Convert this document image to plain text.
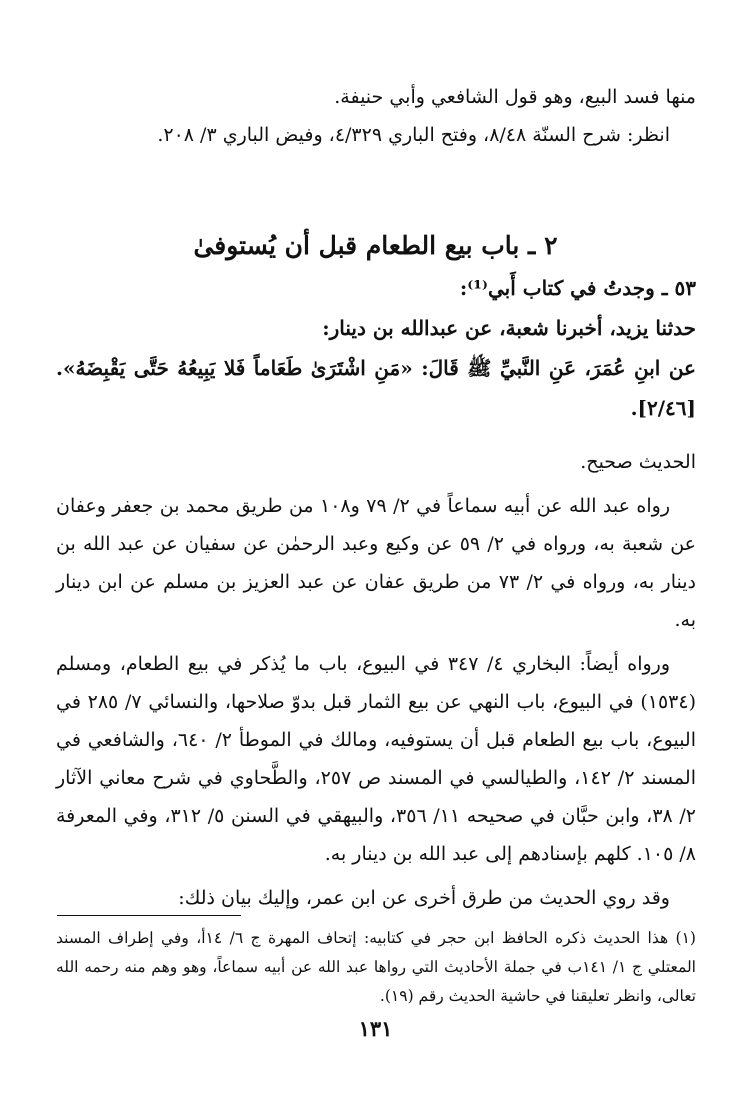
منها فسد البيع، وهو قول الشافعي وأبي حنيفة.

انظر: شرح السنّة ٨/٤٨، وفتح الباري ٤/٣٢٩، وفيض الباري ٣/ ٢٠٨.

٢ ـ باب بيع الطعام قبل أن يُستوفىٰ

٥٣ ـ وجدتُ في كتاب أَبي⁽¹⁾:

حدثنا يزيد، أخبرنا شعبة، عن عبدالله بن دينار:

عن ابنِ عُمَرَ، عَنِ النَّبيِّ ﷺ قَالَ: «مَنِ اشْتَرَىٰ طَعَاماً فَلا يَبِيعُهُ حَتَّى يَقْبِضَهُ». [٢/٤٦].

الحديث صحيح.

رواه عبد الله عن أبيه سماعاً في ٢/ ٧٩ و١٠٨ من طريق محمد بن جعفر وعفان عن شعبة به، ورواه في ٢/ ٥٩ عن وكيع وعبد الرحمٰن عن سفيان عن عبد الله بن دينار به، ورواه في ٢/ ٧٣ من طريق عفان عن عبد العزيز بن مسلم عن ابن دينار به.

ورواه أيضاً: البخاري ٤/ ٣٤٧ في البيوع، باب ما يُذكر في بيع الطعام، ومسلم (١٥٣٤) في البيوع، باب النهي عن بيع الثمار قبل بدوّ صلاحها، والنسائي ٧/ ٢٨٥ في البيوع، باب بيع الطعام قبل أن يستوفيه، ومالك في الموطأ ٢/ ٦٤٠، والشافعي في المسند ٢/ ١٤٢، والطيالسي في المسند ص ٢٥٧، والطَّحاوي في شرح معاني الآثار ٢/ ٣٨، وابن حبَّان في صحيحه ١١/ ٣٥٦، والبيهقي في السنن ٥/ ٣١٢، وفي المعرفة ٨/ ١٠٥. كلهم بإسنادهم إلى عبد الله بن دينار به.

وقد روي الحديث من طرق أخرى عن ابن عمر، وإليك بيان ذلك:

(١) هذا الحديث ذكره الحافظ ابن حجر في كتابيه: إتحاف المهرة ج ٦/ ١٤أ، وفي إطراف المسند المعتلي ج ١/ ١٤١ب في جملة الأحاديث التي رواها عبد الله عن أبيه سماعاً، وهو وهم منه رحمه الله تعالى، وانظر تعليقنا في حاشية الحديث رقم (١٩).

١٣١
